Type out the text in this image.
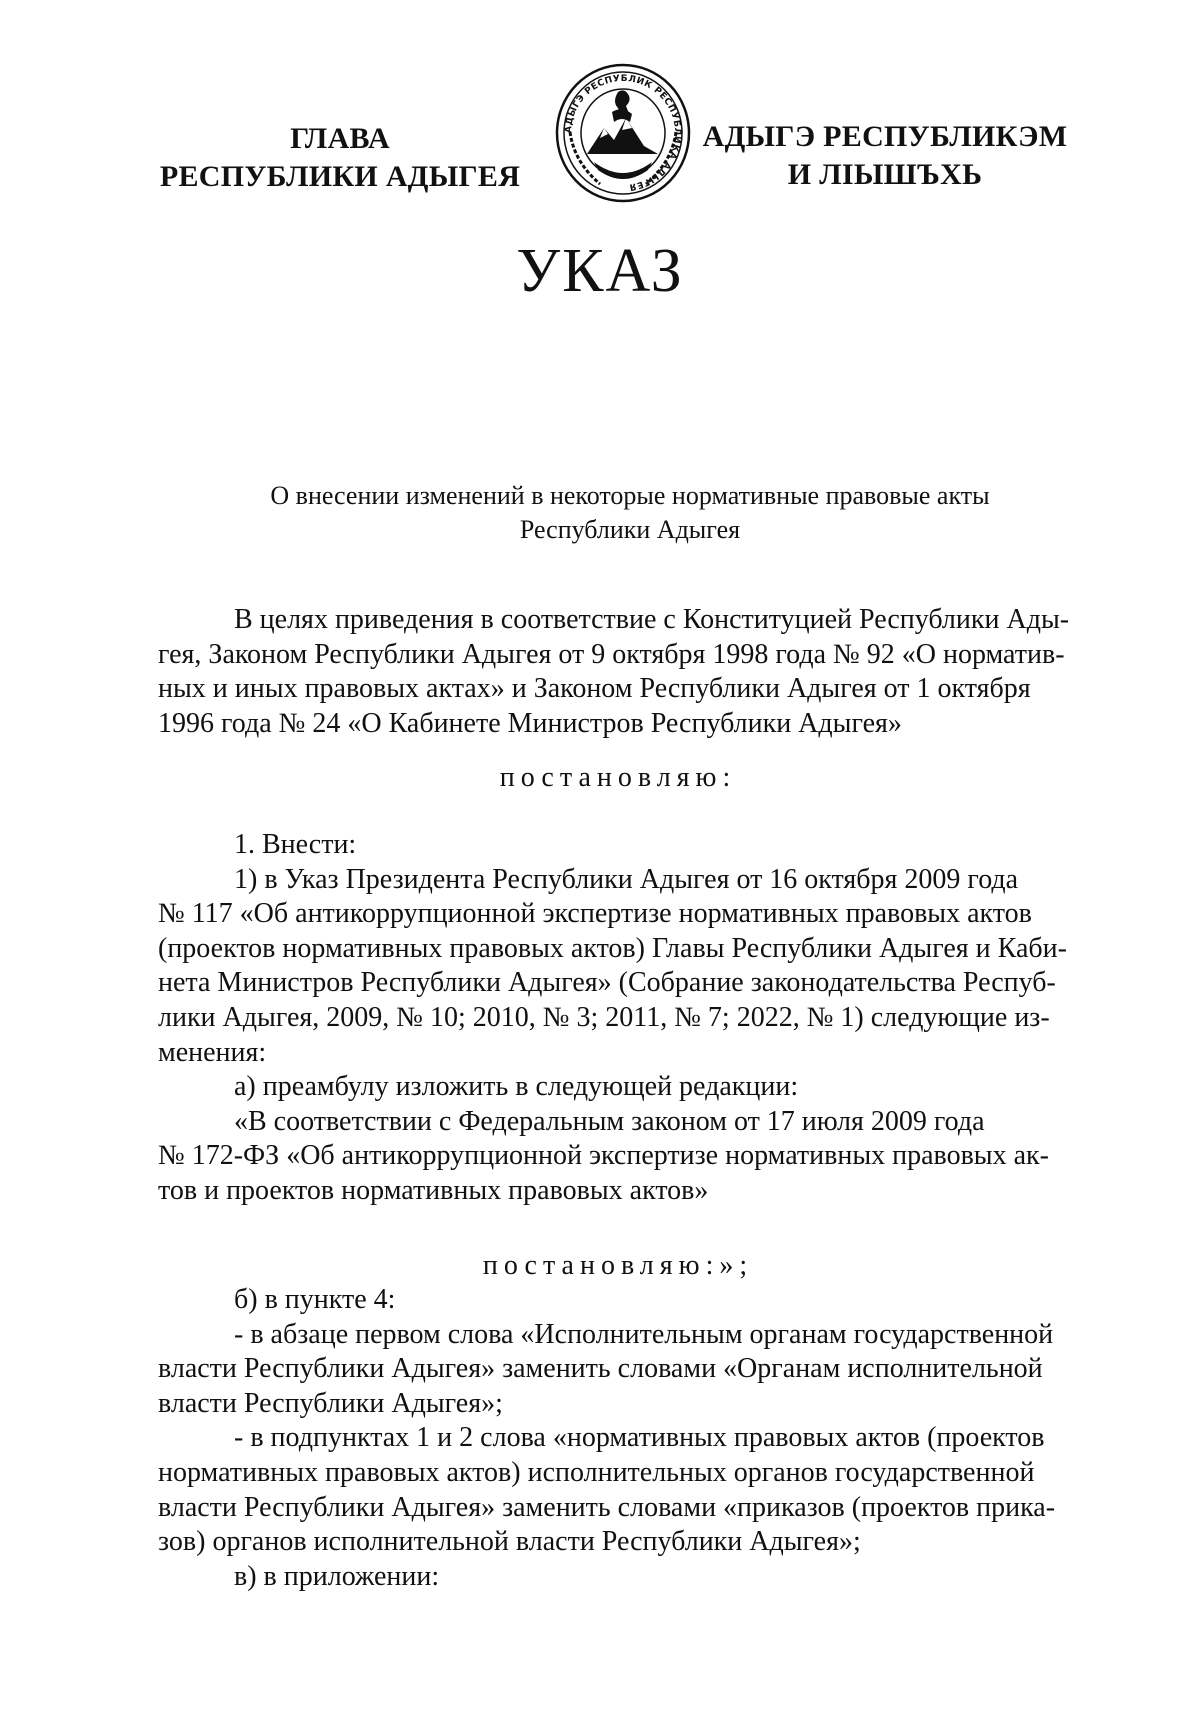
ГЛАВА
РЕСПУБЛИКИ АДЫГЕЯ
АДЫГЭ РЕСПУБЛИК РЕСПУБЛИКА АДЫГЕЯ
АДЫГЭ РЕСПУБЛИКЭМ
И ЛІЫШЪХЬ
УКАЗ
О внесении изменений в некоторые нормативные правовые акты
Республики Адыгея

В целях приведения в соответствие с Конституцией Республики Ады-

гея, Законом Республики Адыгея от 9 октября 1998 года № 92 «О норматив-

ных и иных правовых актах» и Законом Республики Адыгея от 1 октября

1996 года № 24 «О Кабинете Министров Республики Адыгея»

постановляю:

1. Внести:

1) в Указ Президента Республики Адыгея от 16 октября 2009 года

№ 117 «Об антикоррупционной экспертизе нормативных правовых актов

(проектов нормативных правовых актов) Главы Республики Адыгея и Каби-

нета Министров Республики Адыгея» (Собрание законодательства Респуб-

лики Адыгея, 2009, № 10; 2010, № 3; 2011, № 7; 2022, № 1) следующие из-

менения:

а) преамбулу изложить в следующей редакции:

«В соответствии с Федеральным законом от 17 июля 2009 года

№ 172-ФЗ «Об антикоррупционной экспертизе нормативных правовых ак-

тов и проектов нормативных правовых актов»

постановляю:»;

б) в пункте 4:

- в абзаце первом слова «Исполнительным органам государственной

власти Республики Адыгея» заменить словами «Органам исполнительной

власти Республики Адыгея»;

- в подпунктах 1 и 2 слова «нормативных правовых актов (проектов

нормативных правовых актов) исполнительных органов государственной

власти Республики Адыгея» заменить словами «приказов (проектов прика-

зов) органов исполнительной власти Республики Адыгея»;

в) в приложении:
